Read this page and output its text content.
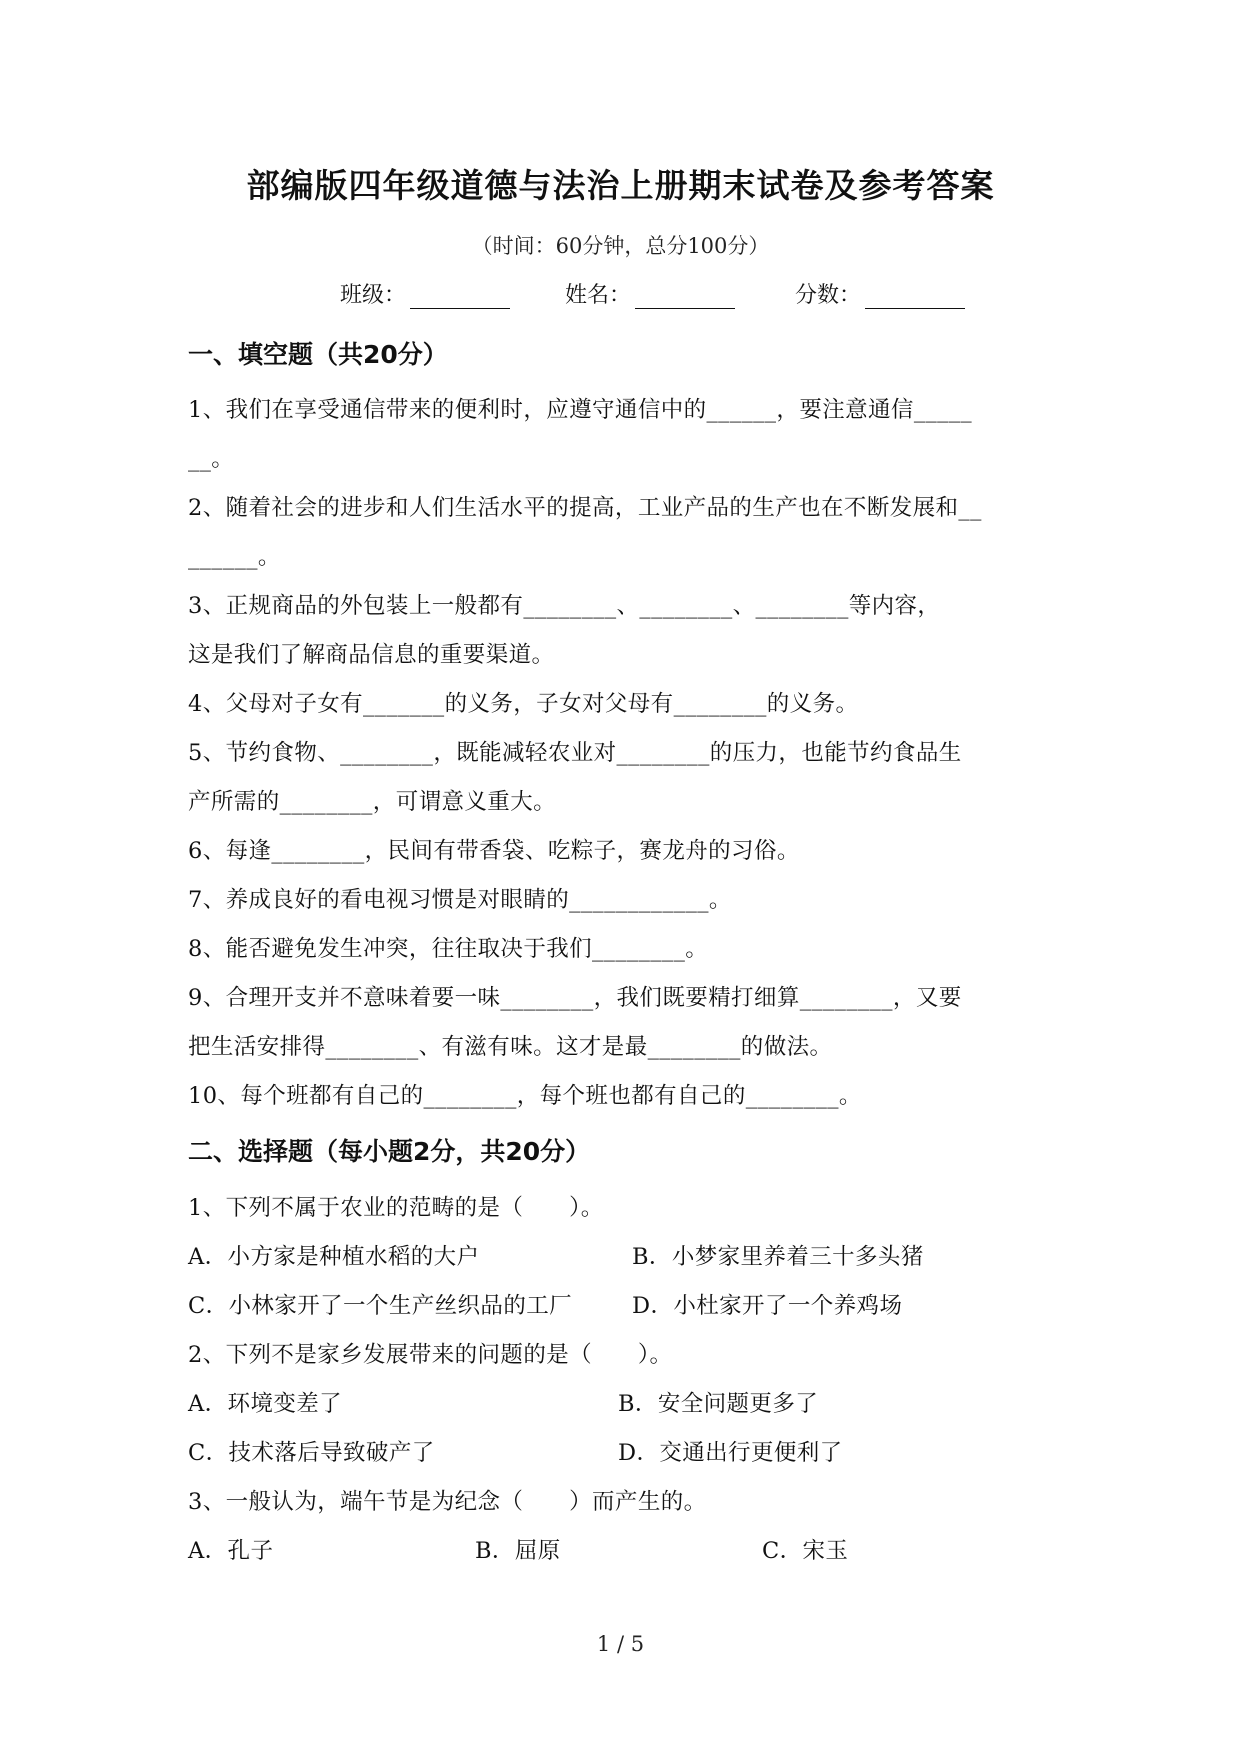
部编版四年级道德与法治上册期末试卷及参考答案
（时间：60分钟，总分100分）
班级：	姓名：	分数：
一、填空题（共20分）
1、我们在享受通信带来的便利时，应遵守通信中的______，要注意通信_____
__。
2、随着社会的进步和人们生活水平的提高，工业产品的生产也在不断发展和__
______。
3、正规商品的外包装上一般都有________、________、________等内容，
这是我们了解商品信息的重要渠道。
4、父母对子女有_______的义务，子女对父母有________的义务。
5、节约食物、________，既能减轻农业对________的压力，也能节约食品生
产所需的________，可谓意义重大。
6、每逢________，民间有带香袋、吃粽子，赛龙舟的习俗。
7、养成良好的看电视习惯是对眼睛的____________。
8、能否避免发生冲突，往往取决于我们________。
9、合理开支并不意味着要一味________，我们既要精打细算________，又要
把生活安排得________、有滋有味。这才是最________的做法。
10、每个班都有自己的________，每个班也都有自己的________。
二、选择题（每小题2分，共20分）
1、下列不属于农业的范畴的是（　　）。
A．小方家是种植水稻的大户	B．小梦家里养着三十多头猪
C．小林家开了一个生产丝织品的工厂	D．小杜家开了一个养鸡场
2、下列不是家乡发展带来的问题的是（　　）。
A．环境变差了	B．安全问题更多了
C．技术落后导致破产了	D．交通出行更便利了
3、一般认为，端午节是为纪念（　　）而产生的。
A．孔子	B．屈原	C．宋玉
1 / 5
